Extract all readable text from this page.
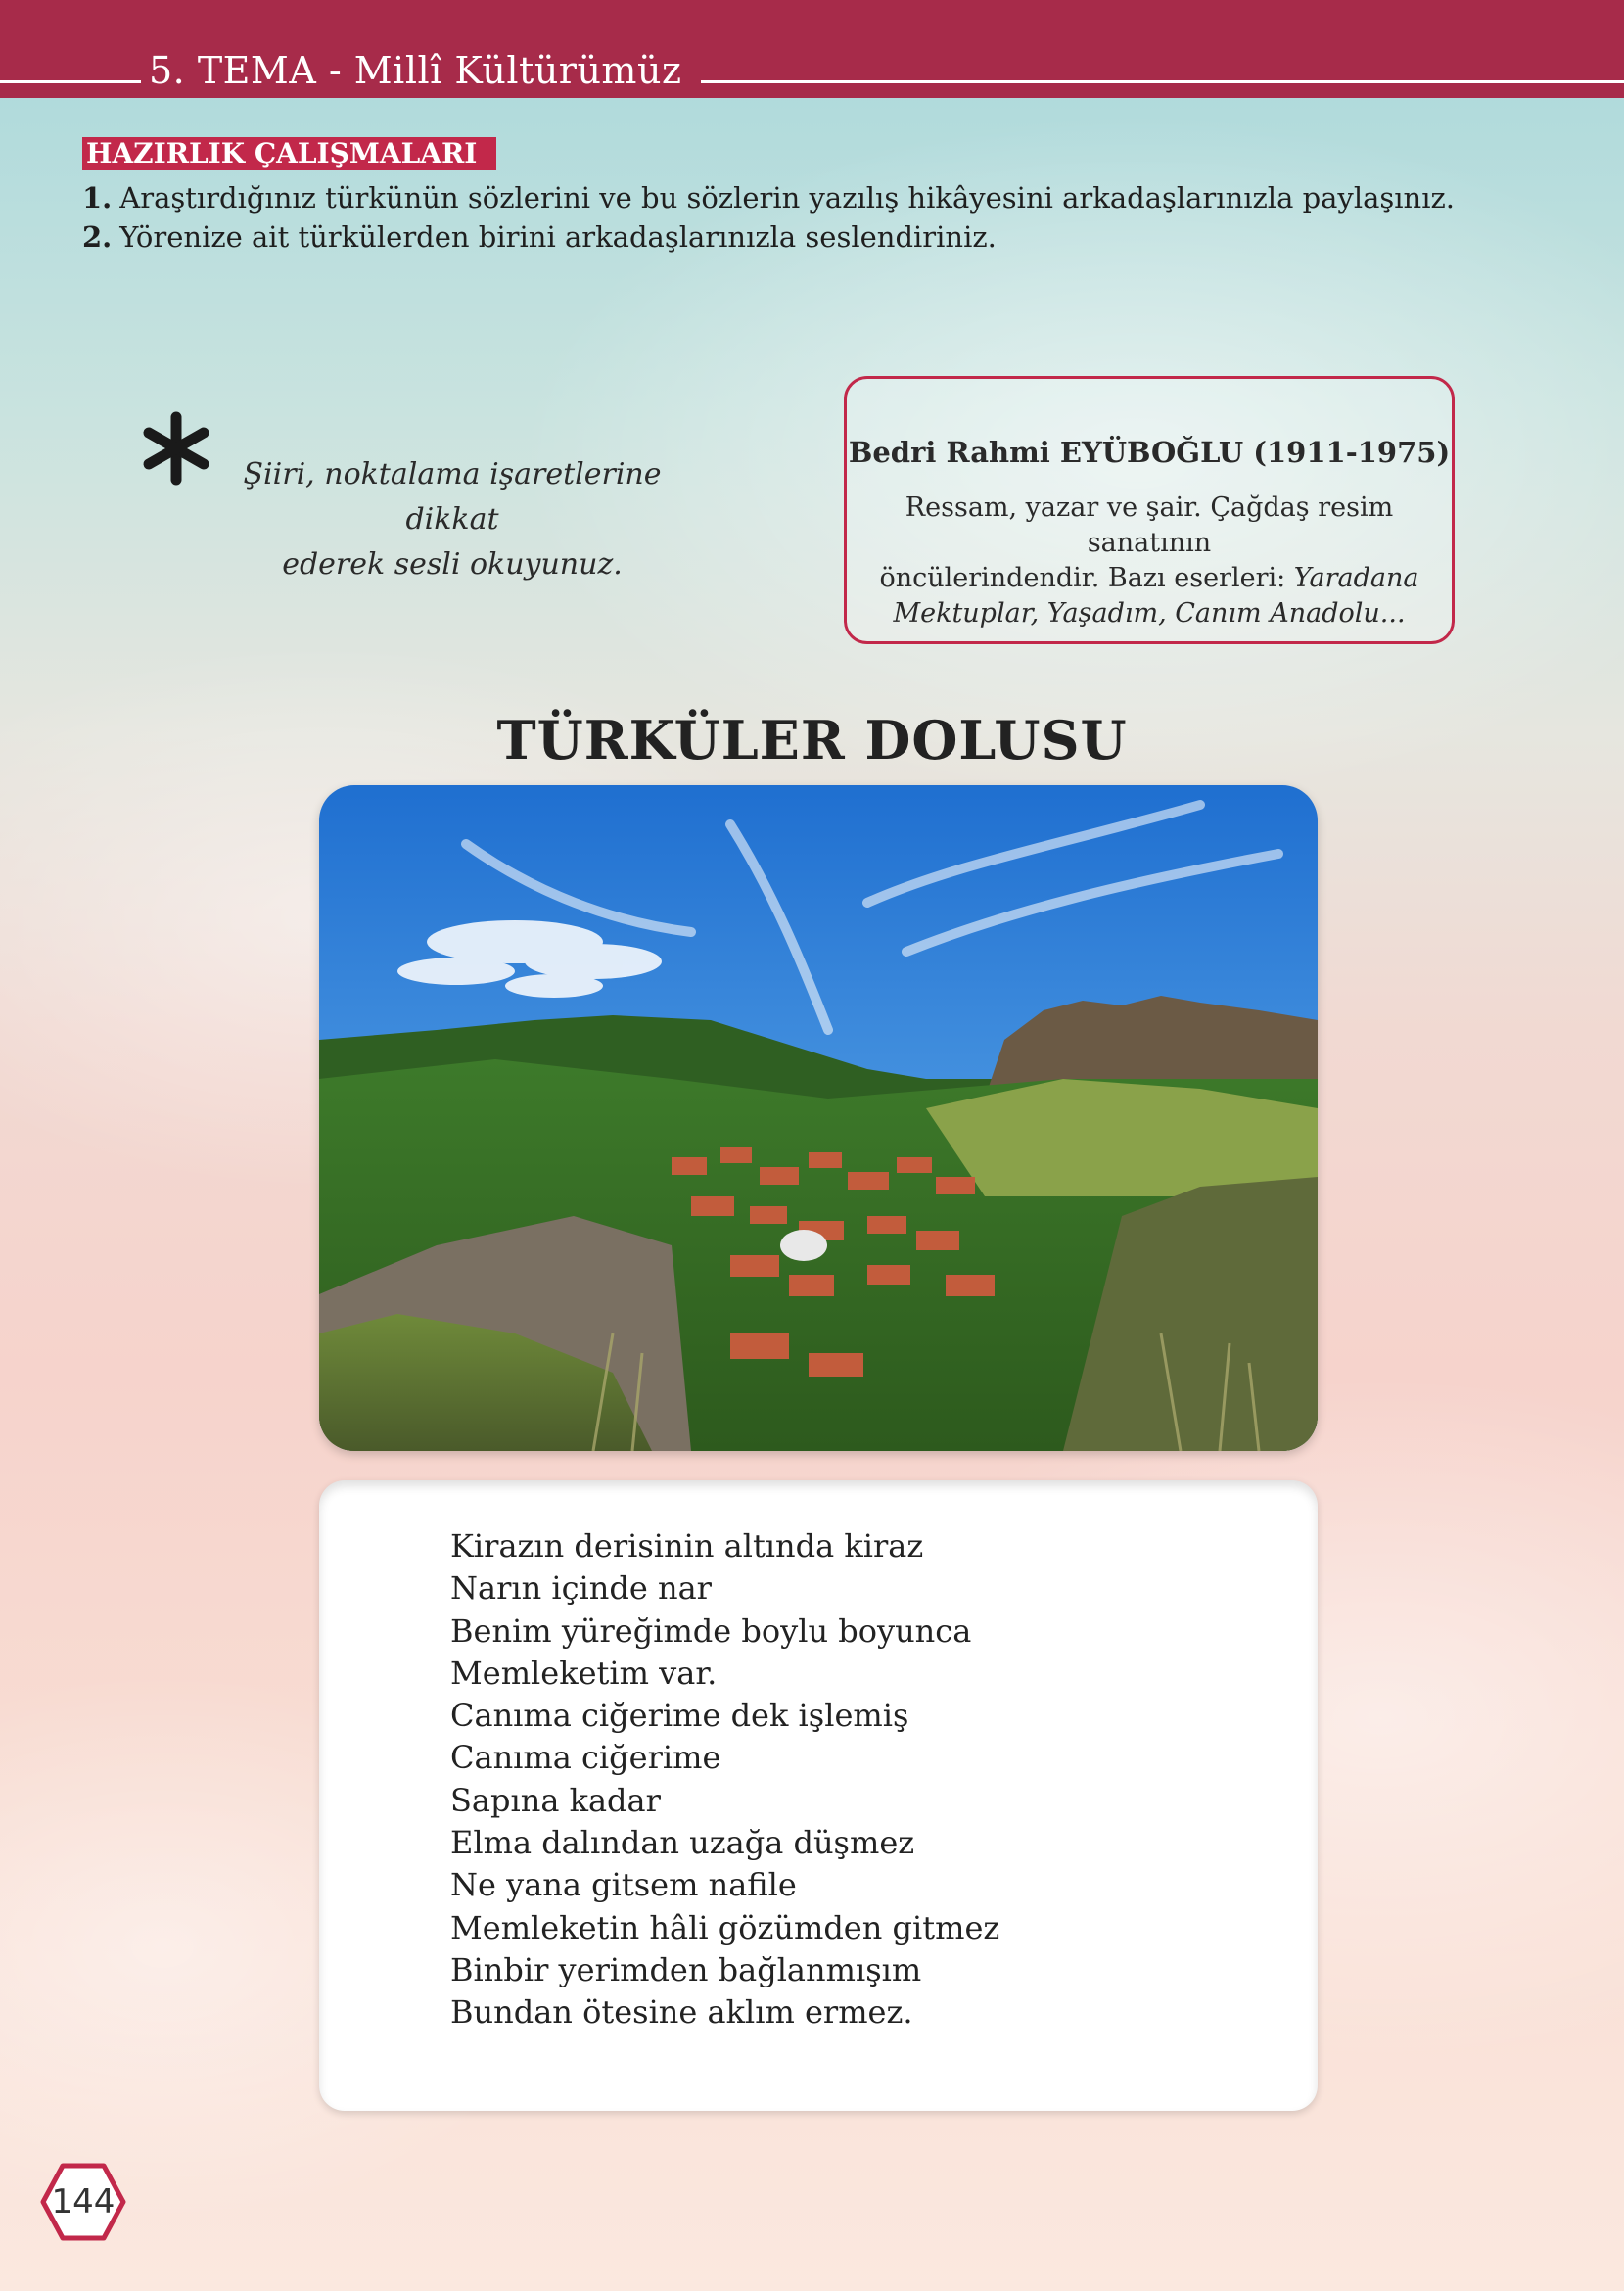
5. TEMA - Millî Kültürümüz
HAZIRLIK ÇALIŞMALARI
1. Araştırdığınız türkünün sözlerini ve bu sözlerin yazılış hikâyesini arkadaşlarınızla paylaşınız.
2. Yörenize ait türkülerden birini arkadaşlarınızla seslendiriniz.
Şiiri, noktalama işaretlerine dikkat
ederek sesli okuyunuz.
Bedri Rahmi EYÜBOĞLU (1911-1975)
Ressam, yazar ve şair. Çağdaş resim sanatının
öncülerindendir. Bazı eserleri: Yaradana
Mektuplar, Yaşadım, Canım Anadolu...
TÜRKÜLER DOLUSU
Kirazın derisinin altında kiraz
Narın içinde nar
Benim yüreğimde boylu boyunca
Memleketim var.
Canıma ciğerime dek işlemiş
Canıma ciğerime
Sapına kadar
Elma dalından uzağa düşmez
Ne yana gitsem nafile
Memleketin hâli gözümden gitmez
Binbir yerimden bağlanmışım
Bundan ötesine aklım ermez.
144
